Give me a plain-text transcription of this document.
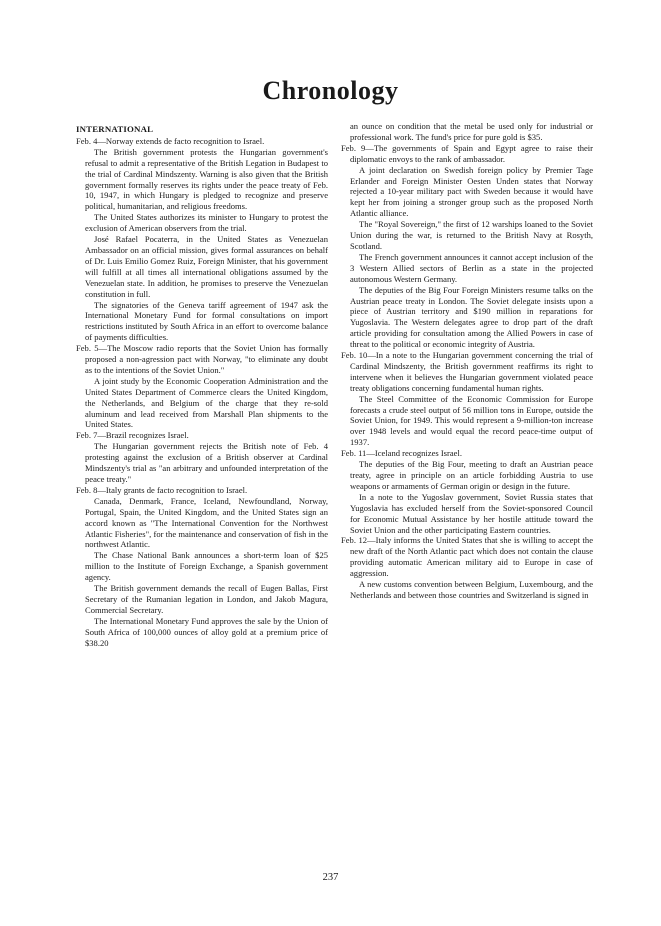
Chronology
INTERNATIONAL

Feb. 4—Norway extends de facto recognition to Israel.

The British government protests the Hungarian government's refusal to admit a representative of the British Legation in Budapest to the trial of Cardinal Mindszenty. Warning is also given that the British government formally reserves its rights under the peace treaty of Feb. 10, 1947, in which Hungary is pledged to recognize and preserve political, humanitarian, and religious freedoms.

The United States authorizes its minister to Hungary to protest the exclusion of American observers from the trial.

José Rafael Pocaterra, in the United States as Venezuelan Ambassador on an official mission, gives formal assurances on behalf of Dr. Luis Emilio Gomez Ruiz, Foreign Minister, that his government will fulfill at all times all international obligations assumed by the Venezuelan state. In addition, he promises to preserve the Venezuelan constitution in full.

The signatories of the Geneva tariff agreement of 1947 ask the International Monetary Fund for formal consultations on import restrictions instituted by South Africa in an effort to overcome balance of payments difficulties.

Feb. 5—The Moscow radio reports that the Soviet Union has formally proposed a non-agression pact with Norway, "to eliminate any doubt as to the intentions of the Soviet Union."

A joint study by the Economic Cooperation Administration and the United States Department of Commerce clears the United Kingdom, the Netherlands, and Belgium of the charge that they re-sold aluminum and lead received from Marshall Plan shipments to the United States.

Feb. 7—Brazil recognizes Israel.

The Hungarian government rejects the British note of Feb. 4 protesting against the exclusion of a British observer at Cardinal Mindszenty's trial as "an arbitrary and unfounded interpretation of the peace treaty."

Feb. 8—Italy grants de facto recognition to Israel.

Canada, Denmark, France, Iceland, Newfoundland, Norway, Portugal, Spain, the United Kingdom, and the United States sign an accord known as "The International Convention for the Northwest Atlantic Fisheries", for the maintenance and conservation of fish in the northwest Atlantic.

The Chase National Bank announces a short-term loan of $25 million to the Institute of Foreign Exchange, a Spanish government agency.

The British government demands the recall of Eugen Ballas, First Secretary of the Rumanian legation in London, and Jakob Magura, Commercial Secretary.

The International Monetary Fund approves the sale by the Union of South Africa of 100,000 ounces of alloy gold at a premium price of $38.20

an ounce on condition that the metal be used only for industrial or professional work. The fund's price for pure gold is $35.

Feb. 9—The governments of Spain and Egypt agree to raise their diplomatic envoys to the rank of ambassador.

A joint declaration on Swedish foreign policy by Premier Tage Erlander and Foreign Minister Oesten Unden states that Norway rejected a 10-year military pact with Sweden because it would have kept her from joining a stronger group such as the proposed North Atlantic alliance.

The "Royal Sovereign," the first of 12 warships loaned to the Soviet Union during the war, is returned to the British Navy at Rosyth, Scotland.

The French government announces it cannot accept inclusion of the 3 Western Allied sectors of Berlin as a state in the projected autonomous Western Germany.

The deputies of the Big Four Foreign Ministers resume talks on the Austrian peace treaty in London. The Soviet delegate insists upon a piece of Austrian territory and $190 million in reparations for Yugoslavia. The Western delegates agree to drop part of the draft article providing for consultation among the Allied Powers in case of threat to the political or economic integrity of Austria.

Feb. 10—In a note to the Hungarian government concerning the trial of Cardinal Mindszenty, the British government reaffirms its right to intervene when it believes the Hungarian government violated peace treaty obligations concerning fundamental human rights.

The Steel Committee of the Economic Commission for Europe forecasts a crude steel output of 56 million tons in Europe, outside the Soviet Union, for 1949. This would represent a 9-million-ton increase over 1948 levels and would equal the record peace-time output of 1937.

Feb. 11—Iceland recognizes Israel.

The deputies of the Big Four, meeting to draft an Austrian peace treaty, agree in principle on an article forbidding Austria to use weapons or armaments of German origin or design in the future.

In a note to the Yugoslav government, Soviet Russia states that Yugoslavia has excluded herself from the Soviet-sponsored Council for Economic Mutual Assistance by her hostile attitude toward the Soviet Union and the other participating Eastern countries.

Feb. 12—Italy informs the United States that she is willing to accept the new draft of the North Atlantic pact which does not contain the clause providing automatic American military aid to Europe in case of aggression.

A new customs convention between Belgium, Luxembourg, and the Netherlands and between those countries and Switzerland is signed in

237
